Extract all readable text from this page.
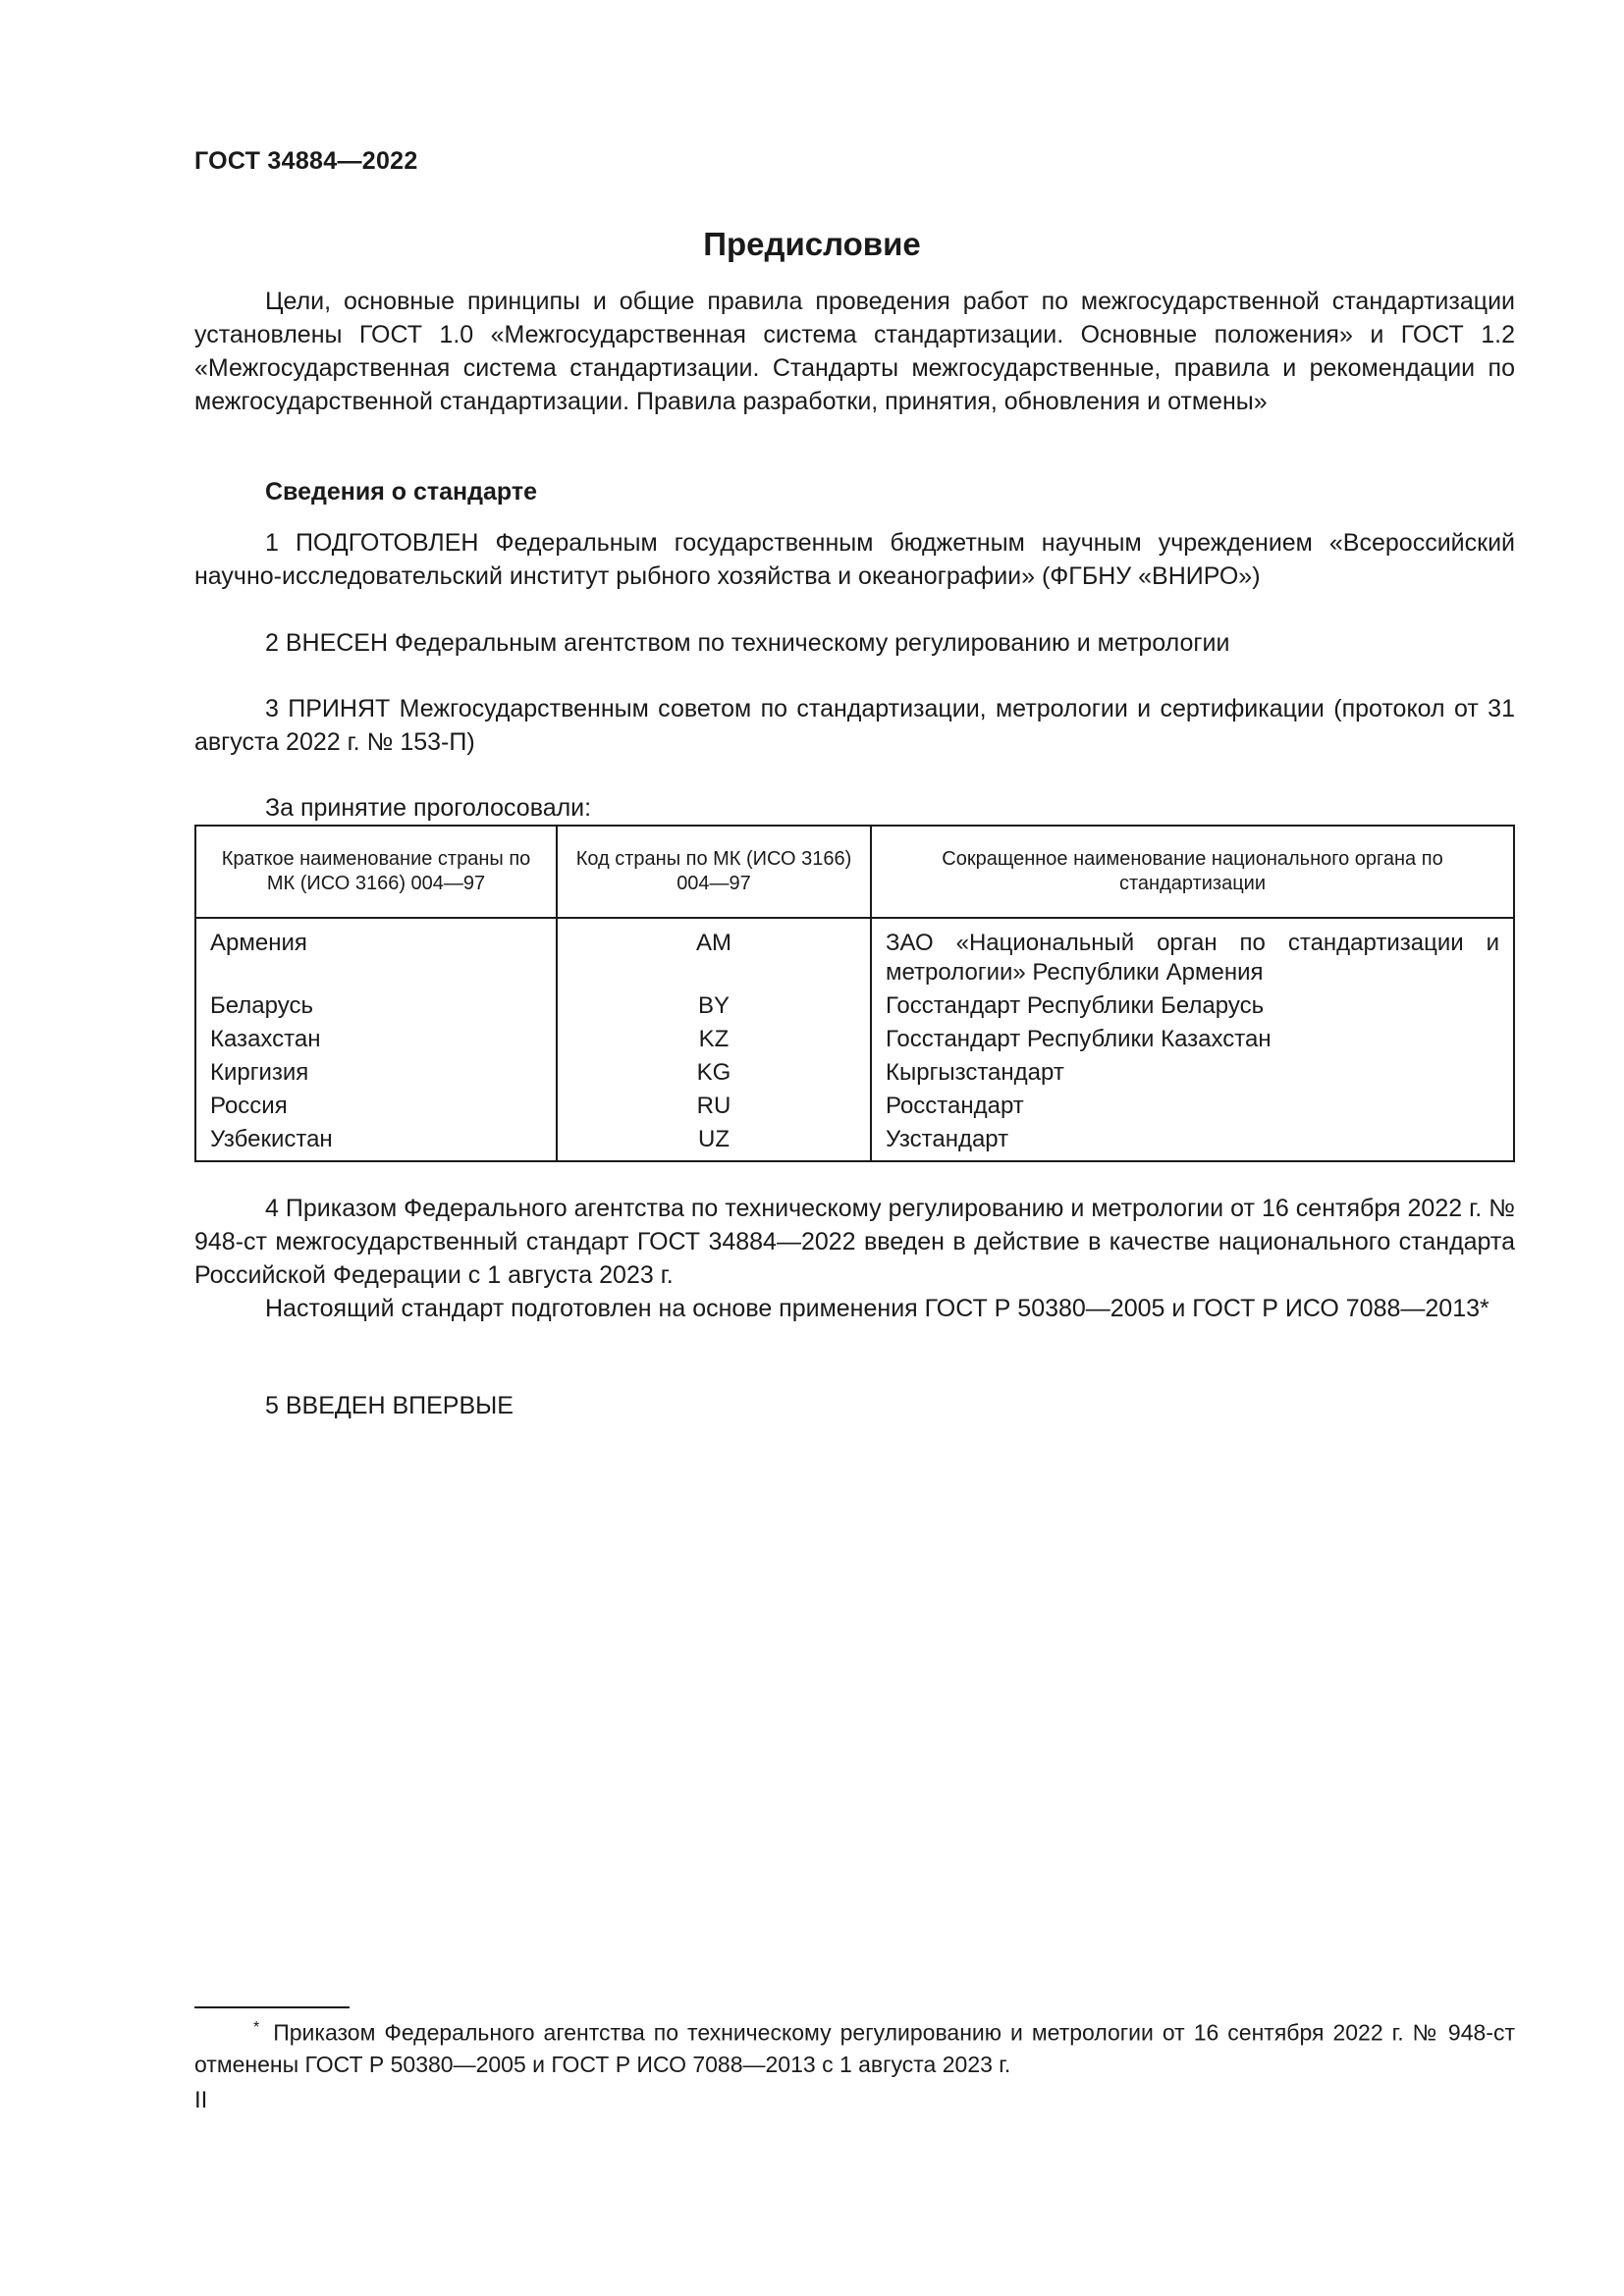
ГОСТ 34884—2022
Предисловие
Цели, основные принципы и общие правила проведения работ по межгосударственной стандартизации установлены ГОСТ 1.0 «Межгосударственная система стандартизации. Основные положения» и ГОСТ 1.2 «Межгосударственная система стандартизации. Стандарты межгосударственные, правила и рекомендации по межгосударственной стандартизации. Правила разработки, принятия, обновления и отмены»
Сведения о стандарте
1 ПОДГОТОВЛЕН Федеральным государственным бюджетным научным учреждением «Всероссийский научно-исследовательский институт рыбного хозяйства и океанографии» (ФГБНУ «ВНИРО»)
2 ВНЕСЕН Федеральным агентством по техническому регулированию и метрологии
3 ПРИНЯТ Межгосударственным советом по стандартизации, метрологии и сертификации (протокол от 31 августа 2022 г. № 153-П)
За принятие проголосовали:
Краткое наименование страны по МК (ИСО 3166) 004—97	Код страны по МК (ИСО 3166) 004—97	Сокращенное наименование национального органа по стандартизации

Армения	AM	ЗАО «Национальный орган по стандартизации и метрологии» Республики Армения
Беларусь	BY	Госстандарт Республики Беларусь
Казахстан	KZ	Госстандарт Республики Казахстан
Киргизия	KG	Кыргызстандарт
Россия	RU	Росстандарт
Узбекистан	UZ	Узстандарт
4 Приказом Федерального агентства по техническому регулированию и метрологии от 16 сентября 2022 г. № 948-ст межгосударственный стандарт ГОСТ 34884—2022 введен в действие в качестве национального стандарта Российской Федерации с 1 августа 2023 г.
Настоящий стандарт подготовлен на основе применения ГОСТ Р 50380—2005 и ГОСТ Р ИСО 7088—2013*
5 ВВЕДЕН ВПЕРВЫЕ
* Приказом Федерального агентства по техническому регулированию и метрологии от 16 сентября 2022 г. № 948-ст отменены ГОСТ Р 50380—2005 и ГОСТ Р ИСО 7088—2013 с 1 августа 2023 г.
II
